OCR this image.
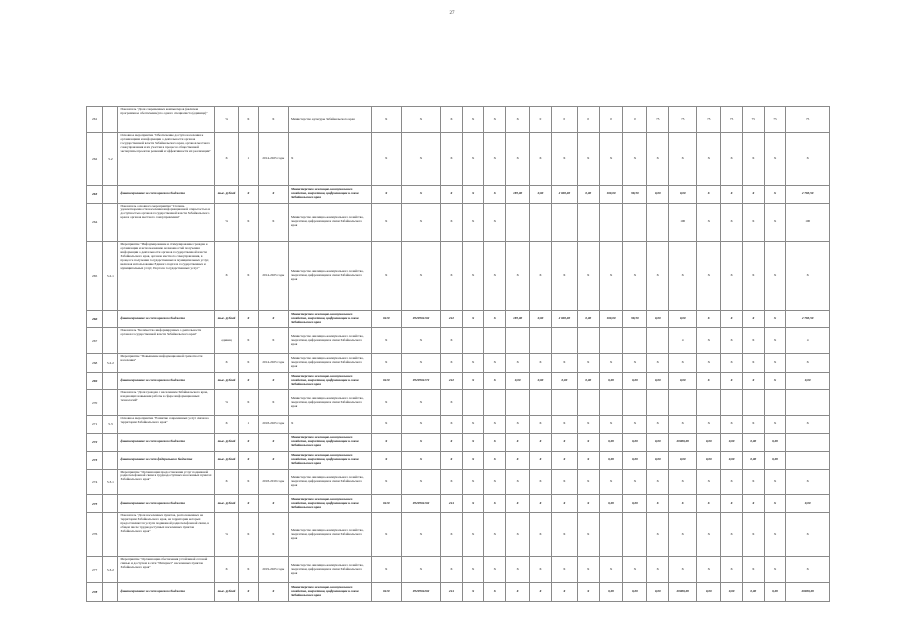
27
261		Показатель "Доля современных компьютеров (включая программное обеспечение) по одного специалиста (единица)"	%	X	X	Министерство культуры Забайкальского края	X	X	X	X	X	X	0	0	0	0	0	75	75	75	75	75	75	75
262	5.2	Основное мероприятие "Обеспечение доступа населения к организациям и информации о деятельности органов государственной власти Забайкальского края, органов местного самоуправления и их участия в процессе общественной экспертизы проектов решений и эффективности их реализации"	X	1	2014-2025 годы	X	X	X	X	X	X	X	X	X	X	X	X	X	X	X	X	X	X	X
263		финансирование за счет краевого бюджета	тыс. рублей	X	X	Министерство жилищно-коммунального хозяйства, энергетики, цифровизации и связи Забайкальского края	X	X	X	X	X	185,00	0,00	2 000,00	0,00	100,00	98,50	0,00	0,00	X	X	X	X	2 783,50
264		Показатель основного мероприятия "Степень удовлетворенности населения информационной открытостью и доступностью органов государственной власти Забайкальского края и органов местного самоуправления"	%	X	X	Министерство жилищно-коммунального хозяйства, энергетики, цифровизации и связи Забайкальского края	X	X	X	X	X								100	X	X	X	X	100
265	5.2.1	Мероприятие "Информирование и стимулирование граждан к организации и использованию возможностей получения информации о деятельности органов государственной власти Забайкальского края, органов местного самоуправления, в процессе получения государственных и муниципальных услуг, включая использование Единого портала государственных и муниципальных услуг, Портала государственных услуг"	X	X	2014-2025 годы	Министерство жилищно-коммунального хозяйства, энергетики, цифровизации и связи Забайкальского края	X	X	X	X	X	X	X	X	X	X	X	X	X	X	X	X	X	X
266		финансирование за счет краевого бюджета	тыс. рублей	X	X	Министерство жилищно-коммунального хозяйства, энергетики, цифровизации и связи Забайкальского края	0410	0520504102	242	X	X	185,00	0,00	2 000,00	0,00	100,00	98,50	0,00	0,00	X	X	X	X	2 783,50
267		Показатель "Количество информируемых о деятельности органов государственной власти Забайкальского края"	единиц	X	X	Министерство жилищно-коммунального хозяйства, энергетики, цифровизации и связи Забайкальского края	X	X	X										4	X	X	X	X	4
268	5.2.2	Мероприятие "Повышение информационной грамотности населения"	X	X	2014-2025 годы	Министерство жилищно-коммунального хозяйства, энергетики, цифровизации и связи Забайкальского края	X	X	X	X	X	X	X	X	X	X	X	X	X	X	X	X	X	X
269		финансирование за счет краевого бюджета	тыс. рублей	X	X	Министерство жилищно-коммунального хозяйства, энергетики, цифровизации и связи Забайкальского края	0410	0520504172	242	X	X	0,00	0,00	0,00	0,00	0,00	0,00	0,00	0,00	X	X	X	X	0,00
270		Показатель "Доля граждан с населением Забайкальского края, владеющих навыками работы в сфере информационных технологий"	%	X	X	Министерство жилищно-коммунального хозяйства, энергетики, цифровизации и связи Забайкальского края	X	X	X															
271	5.3	Основное мероприятие "Развитие современных услуг связи на территории Забайкальского края"	X	1	2018-2025 годы	X	X	X	X	X	X	X	X	X	X	X	X	X	X	X	X	X	X	X
272		финансирование за счет краевого бюджета	тыс. рублей	X	X	Министерство жилищно-коммунального хозяйства, энергетики, цифровизации и связи Забайкальского края	X	X	X	X	X	X	X	X	X	0,00	0,00	0,00	20000,00	0,00	0,00	0,00	0,00	
273		финансирование за счет федерального бюджета	тыс. рублей	X	X	Министерство жилищно-коммунального хозяйства, энергетики, цифровизации и связи Забайкальского края	X	X	X	X	X	X	X	X	X	0,00	0,00	0,00	0,00	0,00	0,00	0,00	0,00	
274	5.3.1	Мероприятие "Организация предоставления услуг подвижной радиотелефонной связи в труднодоступных населенных пунктах Забайкальского края"	X	X	2018-2019 годы	Министерство жилищно-коммунального хозяйства, энергетики, цифровизации и связи Забайкальского края	X	X	X	X	X	X	X	X	X	X	X	X	X	X	X	X	X	X
275		финансирование за счет краевого бюджета	тыс. рублей	X	X	Министерство жилищно-коммунального хозяйства, энергетики, цифровизации и связи Забайкальского края	0410	0520504102	244	X	X	X	X	X	X	0,00	0,00	X	X	X	X	X	X	0,00
276		Показатель "Доля населенных пунктов, расположенных на территории Забайкальского края, на территории которых предоставляются услуги подвижной радиотелефонной связи, в общем числе труднодоступных населенных пунктов Забайкальского края"	%	X	X	Министерство жилищно-коммунального хозяйства, энергетики, цифровизации и связи Забайкальского края	X	X	X	X	X	X	X	X	X			X	X	X	X	X	X	X
277	5.3.2	Мероприятие "Организация обеспечения устойчивой сотовой связью и доступом в сети "Интернет" населенных пунктов Забайкальского края"	X	X	2019-2025 годы	Министерство жилищно-коммунального хозяйства, энергетики, цифровизации и связи Забайкальского края	X	X	X	X	X	X	X	X	X	X	X	X	X	X	X	X	X	X
278		финансирование за счет краевого бюджета	тыс. рублей	X	X	Министерство жилищно-коммунального хозяйства, энергетики, цифровизации и связи Забайкальского края	0410	0520504202	244	X	X	X	X	X	X	0,00	0,00	0,00	20000,00	0,00	0,00	0,00	0,00	20000,00
